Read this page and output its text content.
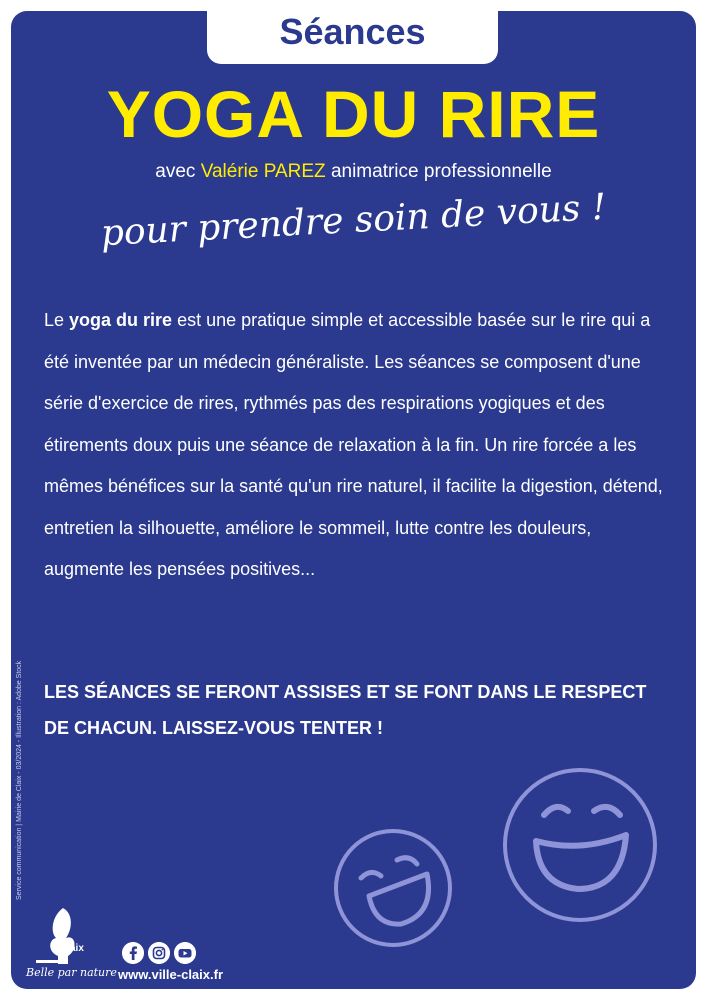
Séances
YOGA DU RIRE
avec Valérie PAREZ animatrice professionnelle
pour prendre soin de vous !
Le yoga du rire est une pratique simple et accessible basée sur le rire qui a été inventée par un médecin généraliste. Les séances se composent d'une série d'exercice de rires, rythmés pas des respirations yogiques et des étirements doux puis une séance de relaxation à la fin. Un rire forcée a les mêmes bénéfices sur la santé qu'un rire naturel, il facilite la digestion, détend, entretien la silhouette, améliore le sommeil, lutte contre les douleurs, augmente les pensées positives...
LES SÉANCES SE FERONT ASSISES ET SE FONT DANS LE RESPECT DE CHACUN. LAISSEZ-VOUS TENTER !
Service communication | Mairie de Claix - 03/2024 - Illustration : Adobe Stock
Claix
Belle par nature www.ville-claix.fr
